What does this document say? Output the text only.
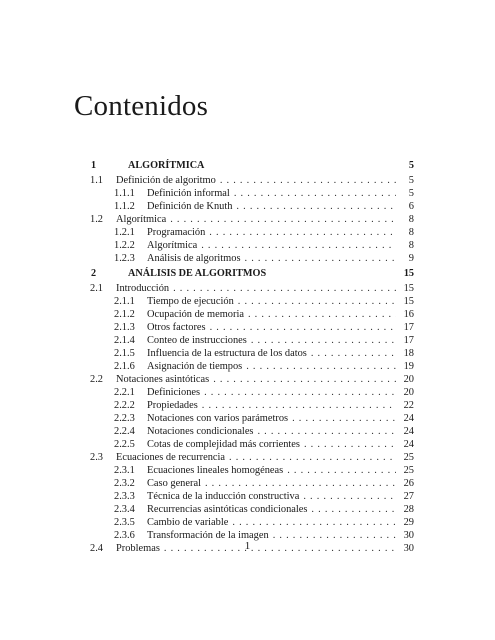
Contenidos
1	ALGORÍTMICA	5
1.1	Definición de algoritmo . . .	5
1.1.1	Definición informal . . .	5
1.1.2	Definición de Knuth . . .	6
1.2	Algorítmica . . .	8
1.2.1	Programación . . .	8
1.2.2	Algorítmica . . .	8
1.2.3	Análisis de algoritmos . . .	9
2	ANÁLISIS DE ALGORITMOS	15
2.1	Introducción . . .	15
2.1.1	Tiempo de ejecución . . .	15
2.1.2	Ocupación de memoria . . .	16
2.1.3	Otros factores . . .	17
2.1.4	Conteo de instrucciones . . .	17
2.1.5	Influencia de la estructura de los datos . . .	18
2.1.6	Asignación de tiempos . . .	19
2.2	Notaciones asintóticas . . .	20
2.2.1	Definiciones . . .	20
2.2.2	Propiedades . . .	22
2.2.3	Notaciones con varios parámetros . . .	24
2.2.4	Notaciones condicionales . . .	24
2.2.5	Cotas de complejidad más corrientes . . .	24
2.3	Ecuaciones de recurrencia . . .	25
2.3.1	Ecuaciones lineales homogéneas . . .	25
2.3.2	Caso general . . .	26
2.3.3	Técnica de la inducción constructiva . . .	27
2.3.4	Recurrencias asintóticas condicionales . . .	28
2.3.5	Cambio de variable . . .	29
2.3.6	Transformación de la imagen . . .	30
2.4	Problemas . . .	30
1
